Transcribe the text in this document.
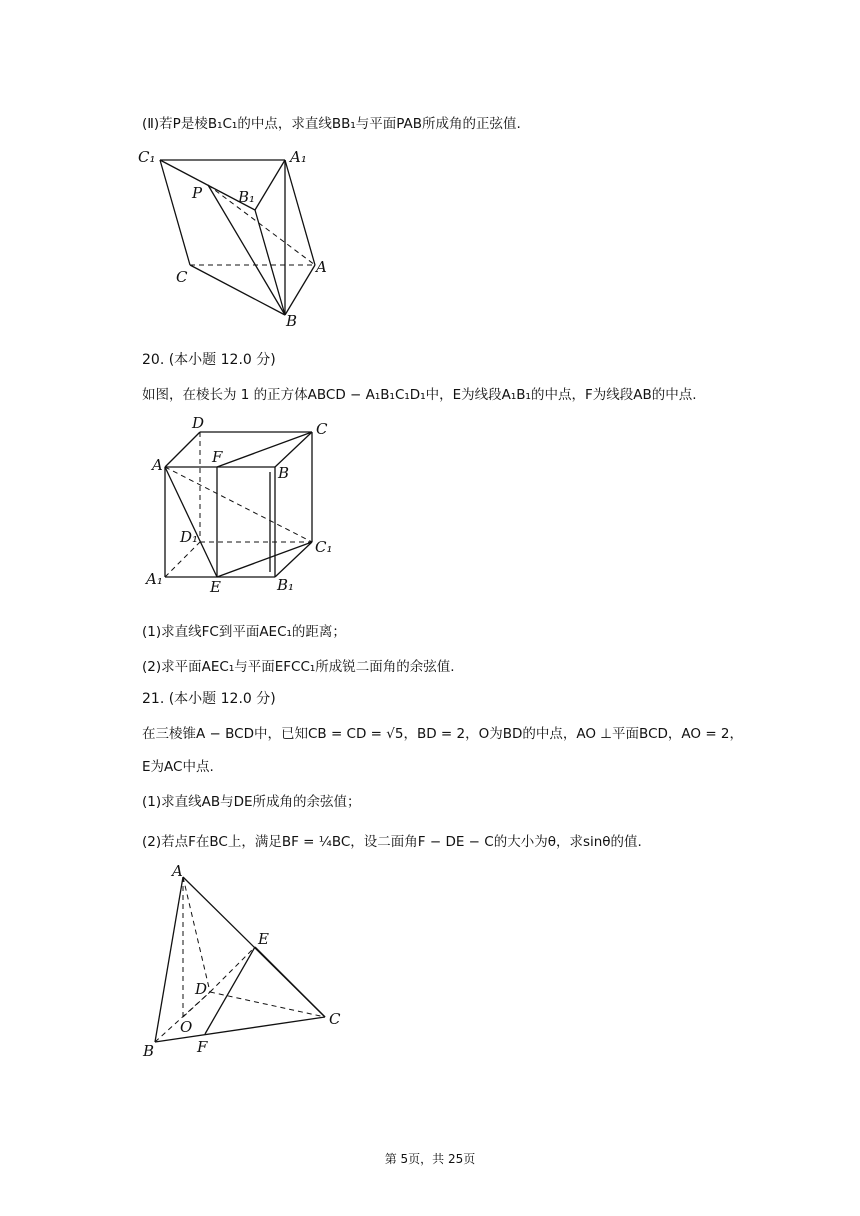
(Ⅱ)若P是棱B₁C₁的中点，求直线BB₁与平面PAB所成角的正弦值.
C₁	A₁
P B₁
C
A
B
20. (本小题 12.0 分)
如图，在棱长为 1 的正方体ABCD − A₁B₁C₁D₁中，E为线段A₁B₁的中点，F为线段AB的中点.
D	C
A	F
B
D₁
C₁
A₁	E	B₁
(1)求直线FC到平面AEC₁的距离；
(2)求平面AEC₁与平面EFCC₁所成锐二面角的余弦值.
21. (本小题 12.0 分)
在三棱锥A − BCD中，已知CB = CD = √5，BD = 2，O为BD的中点，AO ⊥平面BCD，AO = 2，
E为AC中点.
(1)求直线AB与DE所成角的余弦值；
(2)若点F在BC上，满足BF = ¼BC，设二面角F − DE − C的大小为θ，求sinθ的值.
A
E
D
O	C
B	F
第 5页，共 25页
